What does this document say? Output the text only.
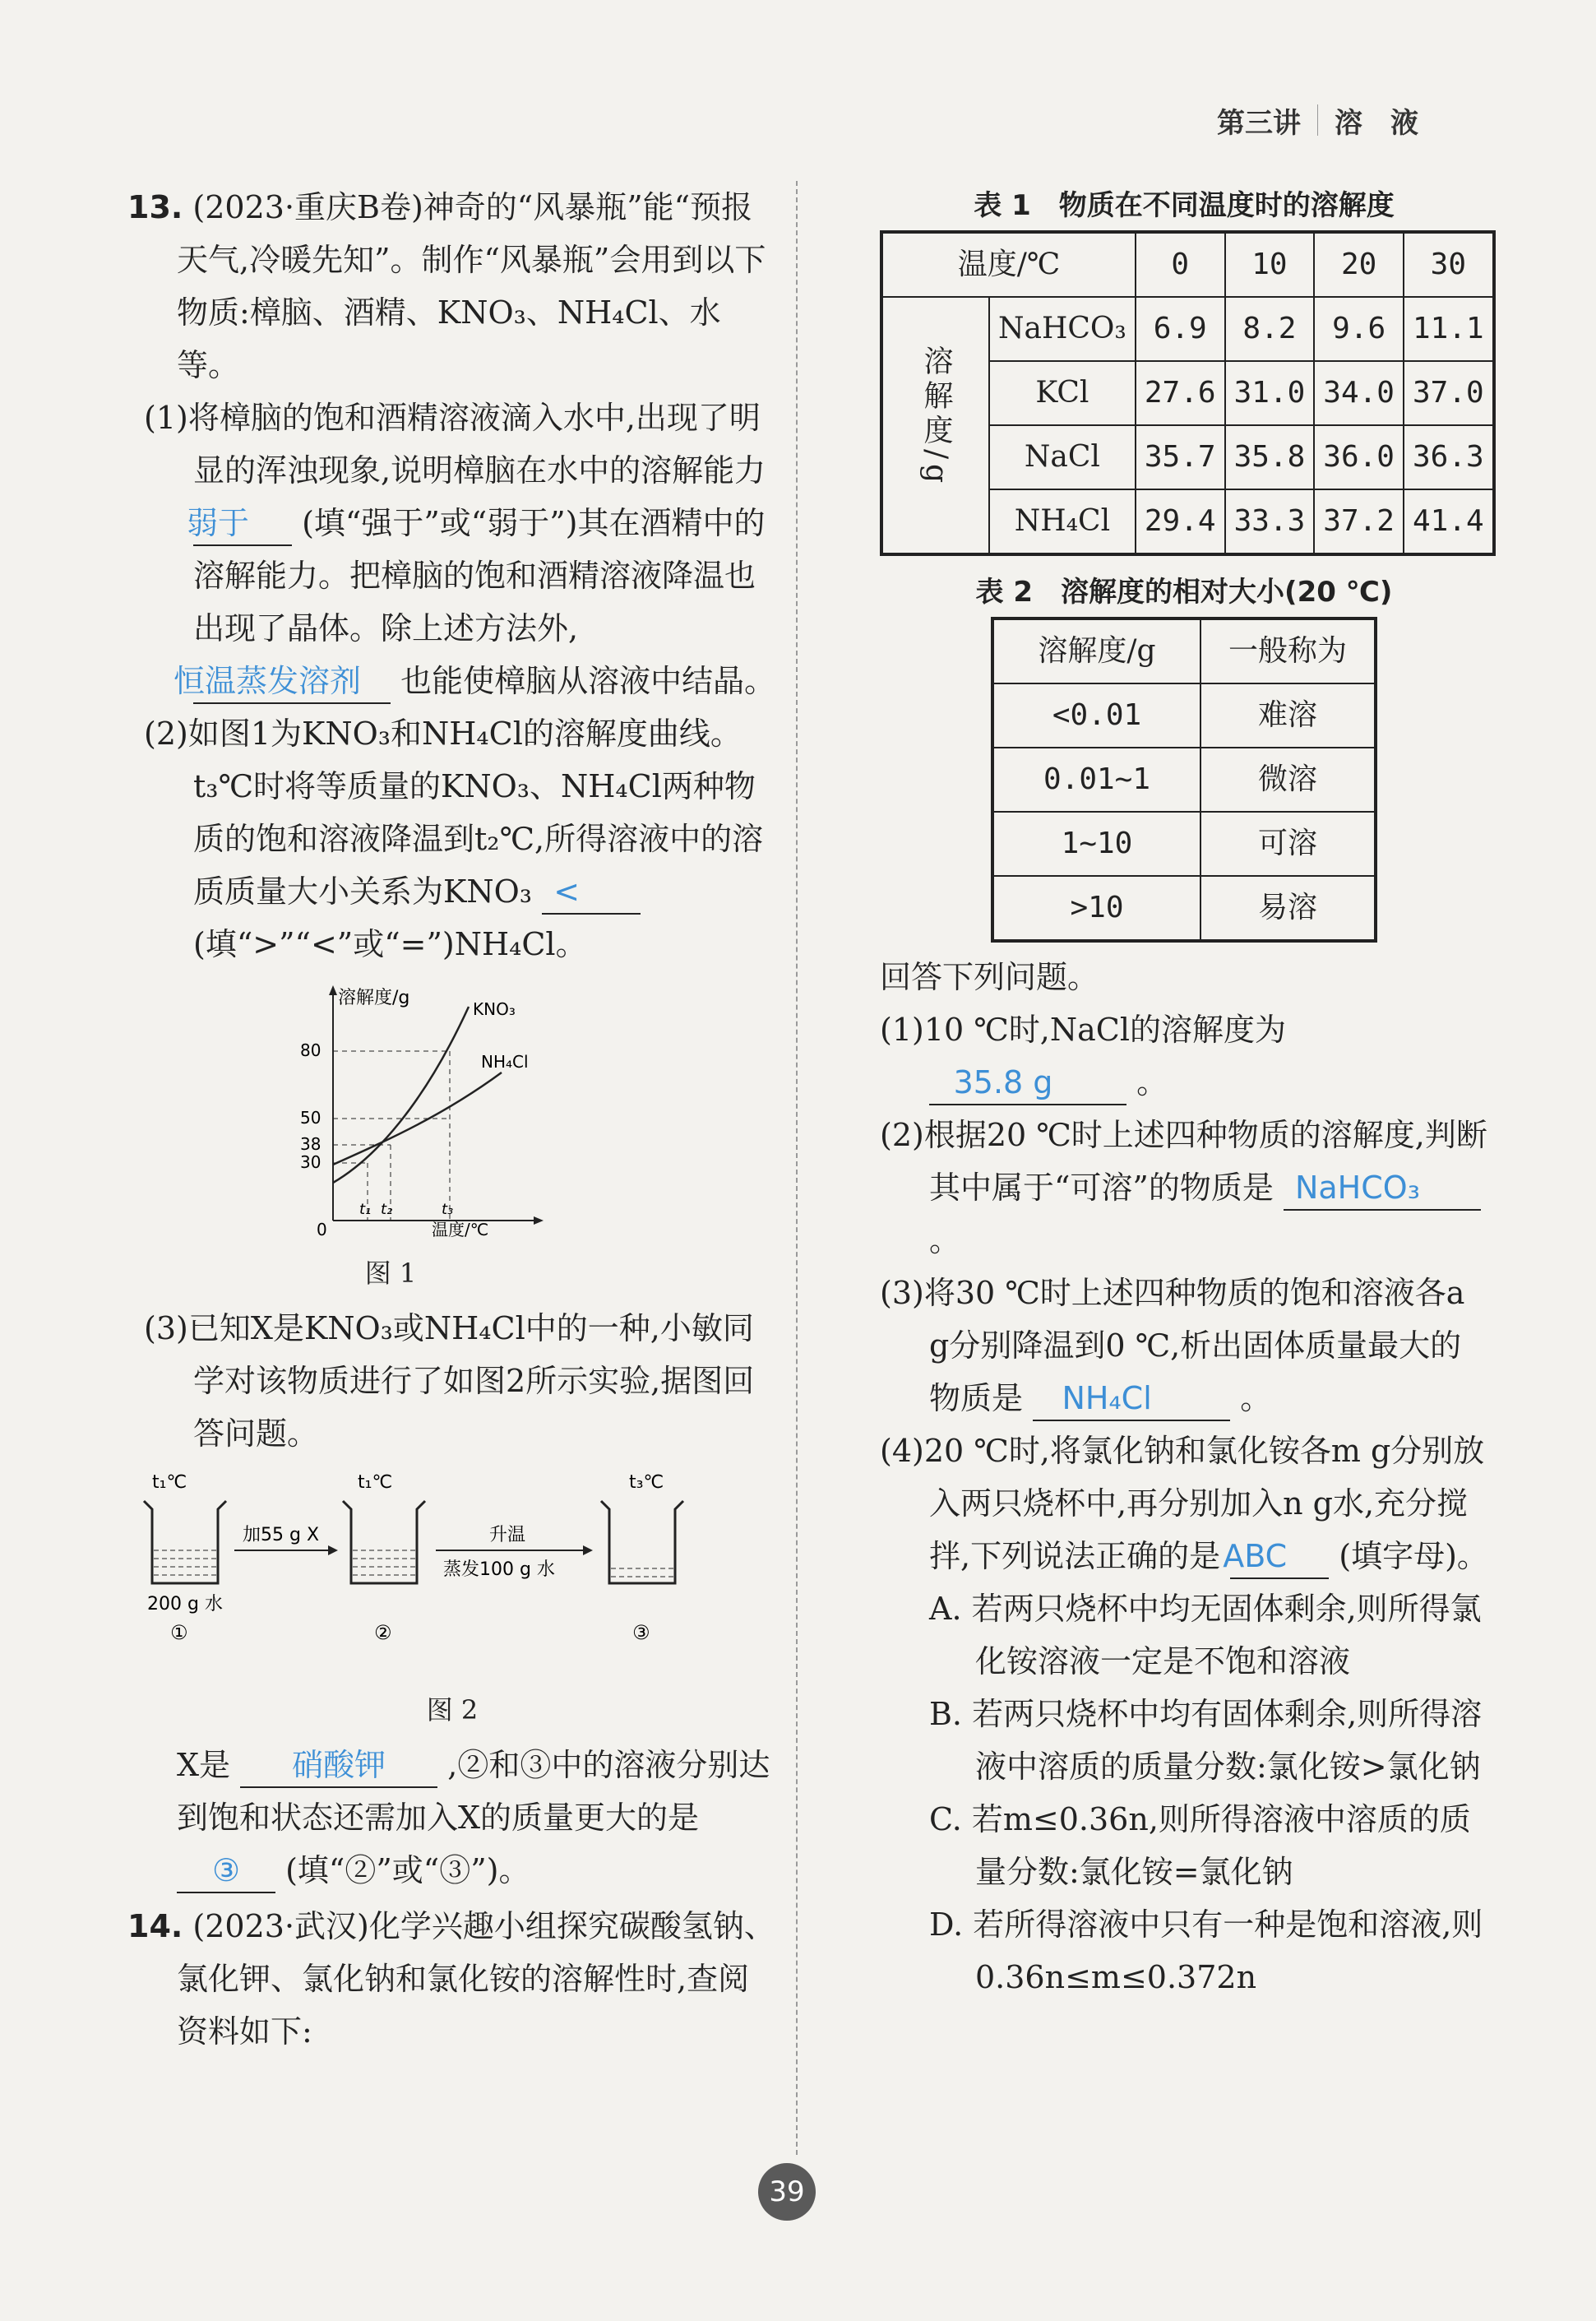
第三讲 溶　液

13. (2023·重庆B卷)神奇的“风暴瓶”能“预报天气,冷暖先知”。制作“风暴瓶”会用到以下物质:樟脑、酒精、KNO₃、NH₄Cl、水等。

(1)将樟脑的饱和酒精溶液滴入水中,出现了明显的浑浊现象,说明樟脑在水中的溶解能力 弱于 (填“强于”或“弱于”)其在酒精中的溶解能力。把樟脑的饱和酒精溶液降温也出现了晶体。除上述方法外, 恒温蒸发溶剂 也能使樟脑从溶液中结晶。

(2)如图1为KNO₃和NH₄Cl的溶解度曲线。t₃℃时将等质量的KNO₃、NH₄Cl两种物质的饱和溶液降温到t₂℃,所得溶液中的溶质质量大小关系为KNO₃ < (填“>”“<”或“=”)NH₄Cl。

溶解度/g
温度/℃
0
80
50
38
30
KNO₃
NH₄Cl
t₁ t₂	t₃
图 1

(3)已知X是KNO₃或NH₄Cl中的一种,小敏同学对该物质进行了如图2所示实验,据图回答问题。

t₁℃
200 g 水
①
加55 g X
t₁℃
②
升温
蒸发100 g 水
t₃℃
③
图 2

X是 硝酸钾 ,②和③中的溶液分别达到饱和状态还需加入X的质量更大的是 ③ (填“②”或“③”)。

14. (2023·武汉)化学兴趣小组探究碳酸氢钠、氯化钾、氯化钠和氯化铵的溶解性时,查阅资料如下:

表 1　物质在不同温度时的溶解度
温度/℃		0	10	20	30
溶解度/g	NaHCO₃	6.9	8.2	9.6	11.1
	KCl	27.6	31.0	34.0	37.0
	NaCl	35.7	35.8	36.0	36.3
	NH₄Cl	29.4	33.3	37.2	41.4
表 2　溶解度的相对大小(20 ℃)
溶解度/g	一般称为
<0.01	难溶
0.01~1	微溶
1~10	可溶
>10	易溶

回答下列问题。

(1)10 ℃时,NaCl的溶解度为 35.8 g	。

(2)根据20 ℃时上述四种物质的溶解度,判断其中属于“可溶”的物质是 NaHCO₃ 。

(3)将30 ℃时上述四种物质的饱和溶液各a g分别降温到0 ℃,析出固体质量最大的物质是 NH₄Cl	。

(4)20 ℃时,将氯化钠和氯化铵各m g分别放入两只烧杯中,再分别加入n g水,充分搅拌,下列说法正确的是 ABC (填字母)。

A. 若两只烧杯中均无固体剩余,则所得氯化铵溶液一定是不饱和溶液

B. 若两只烧杯中均有固体剩余,则所得溶液中溶质的质量分数:氯化铵>氯化钠

C. 若m≤0.36n,则所得溶液中溶质的质量分数:氯化铵=氯化钠

D. 若所得溶液中只有一种是饱和溶液,则0.36n≤m≤0.372n

39
